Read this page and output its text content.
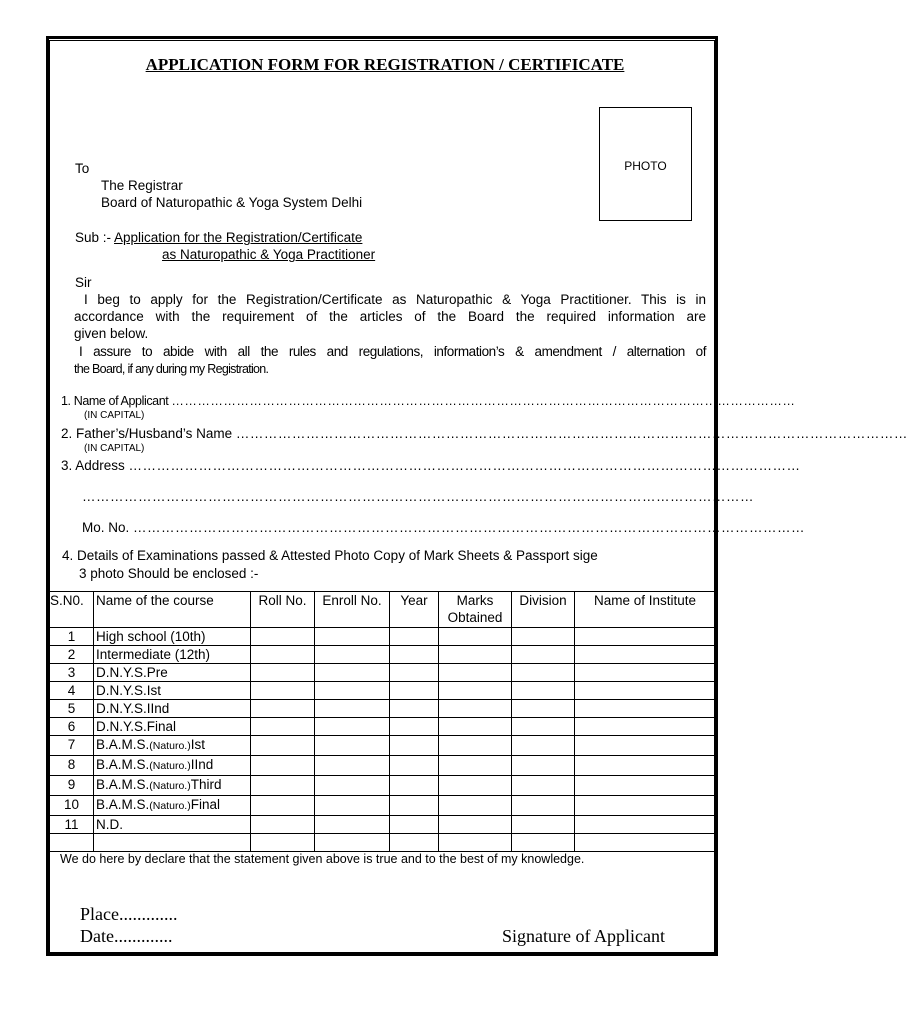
APPLICATION FORM FOR REGISTRATION / CERTIFICATE
PHOTO
To
The Registrar
Board of Naturopathic & Yoga System Delhi
Sub :- Application for the Registration/Certificate
as Naturopathic & Yoga Practitioner
Sir
I beg to apply for the Registration/Certificate as Naturopathic & Yoga Practitioner. This is in
accordance with the requirement of the articles of the Board the required information are
given below.
I assure to abide with all the rules and regulations, information’s & amendment / alternation of
the Board, if any during my Registration.
1. Name of Applicant ………………………………………………………………………………………………………………………………
(IN CAPITAL)
2. Father’s/Husband’s Name ………………………………………………………………………………………………………………………………
(IN CAPITAL)
3. Address ………………………………………………………………………………………………………………………………
………………………………………………………………………………………………………………………………
Mo. No. ………………………………………………………………………………………………………………………………
4. Details of Examinations passed & Attested Photo Copy of Mark Sheets & Passport sige
3 photo Should be enclosed :-
S.N0.	Name of the course	Roll No.	Enroll No.	Year	Marks
Obtained	Division	Name of Institute
1	High school (10th)						
2	Intermediate (12th)						
3	D.N.Y.S.Pre						
4	D.N.Y.S.Ist						
5	D.N.Y.S.IInd						
6	D.N.Y.S.Final						
7	B.A.M.S.(Naturo.)Ist						
8	B.A.M.S.(Naturo.)IInd						
9	B.A.M.S.(Naturo.)Third						
10	B.A.M.S.(Naturo.)Final						
11	N.D.						

We do here by declare that the statement given above is true and to the best of my knowledge.
Place.............
Date.............	Signature of Applicant
